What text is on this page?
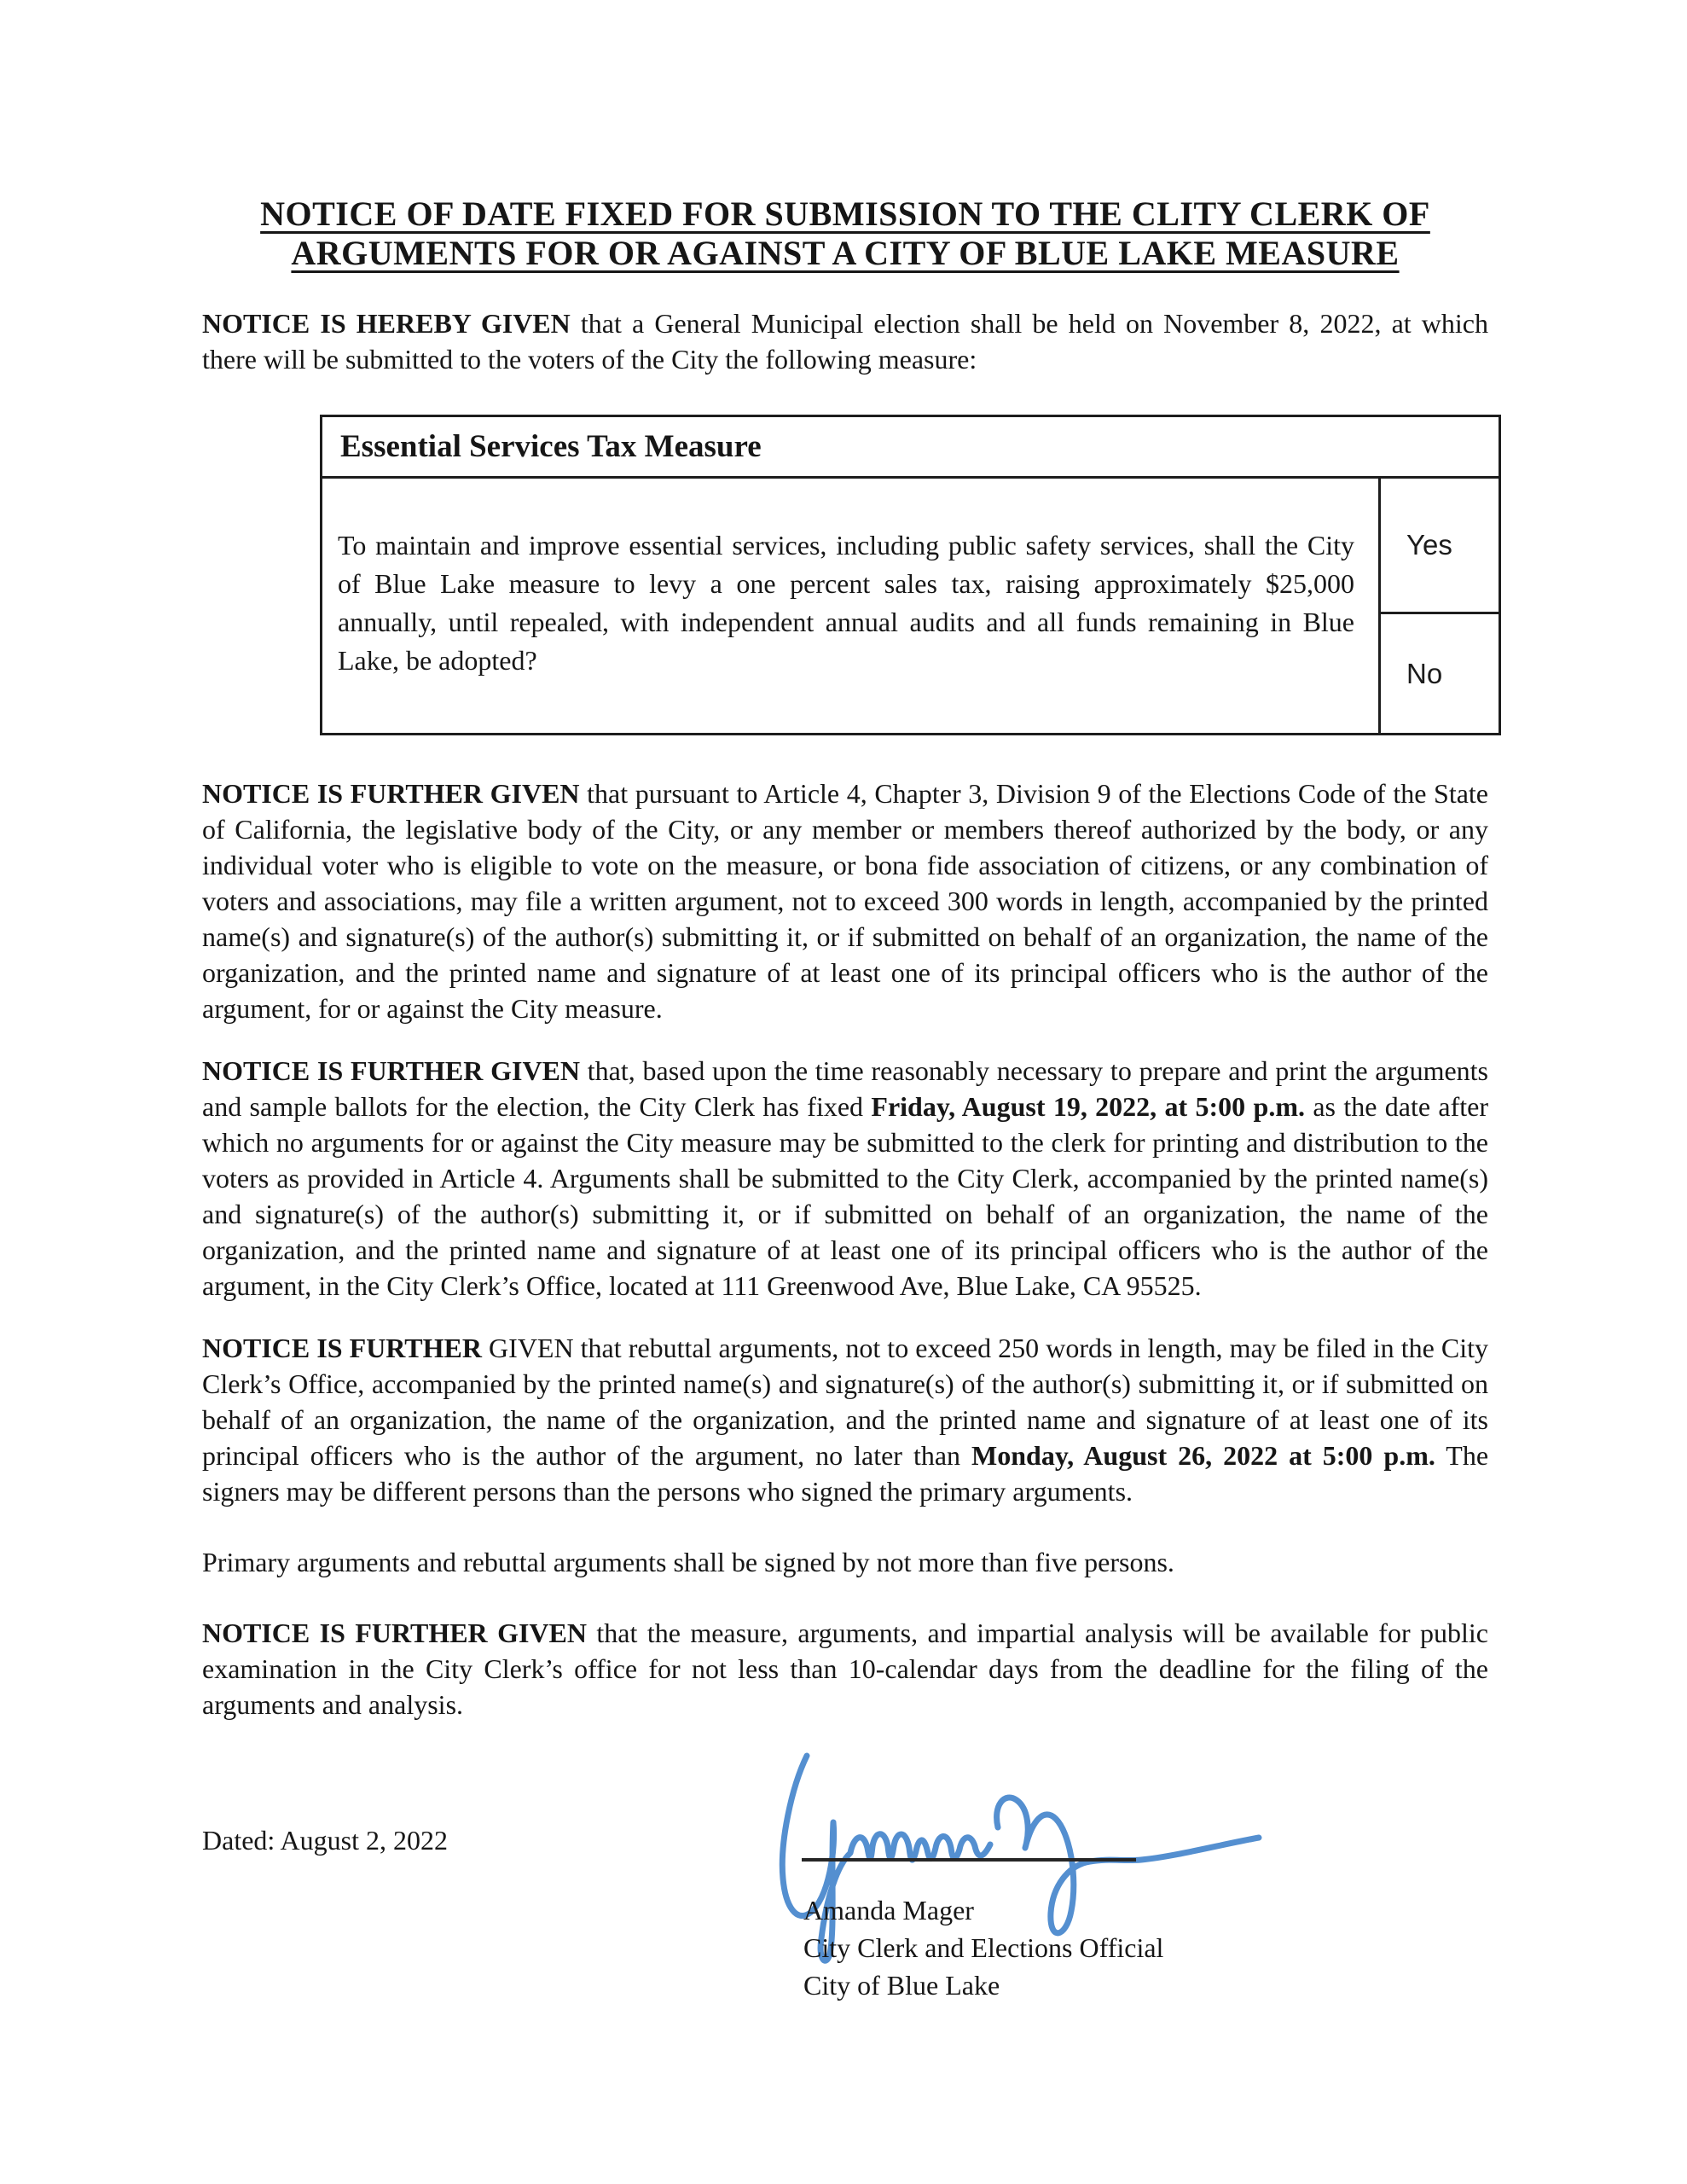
NOTICE OF DATE FIXED FOR SUBMISSION TO THE CLITY CLERK OF
ARGUMENTS FOR OR AGAINST A CITY OF BLUE LAKE MEASURE

NOTICE IS HEREBY GIVEN that a General Municipal election shall be held on November 8, 2022, at which there will be submitted to the voters of the City the following measure:

Essential Services Tax Measure
To maintain and improve essential services, including public safety services, shall the City of Blue Lake measure to levy a one percent sales tax, raising approximately $25,000 annually, until repealed, with independent annual audits and all funds remaining in Blue Lake, be adopted?
Yes
No

NOTICE IS FURTHER GIVEN that pursuant to Article 4, Chapter 3, Division 9 of the Elections Code of the State of California, the legislative body of the City, or any member or members thereof authorized by the body, or any individual voter who is eligible to vote on the measure, or bona fide association of citizens, or any combination of voters and associations, may file a written argument, not to exceed 300 words in length, accompanied by the printed name(s) and signature(s) of the author(s) submitting it, or if submitted on behalf of an organization, the name of the organization, and the printed name and signature of at least one of its principal officers who is the author of the argument, for or against the City measure.

NOTICE IS FURTHER GIVEN that, based upon the time reasonably necessary to prepare and print the arguments and sample ballots for the election, the City Clerk has fixed Friday, August 19, 2022, at 5:00 p.m. as the date after which no arguments for or against the City measure may be submitted to the clerk for printing and distribution to the voters as provided in Article 4. Arguments shall be submitted to the City Clerk, accompanied by the printed name(s) and signature(s) of the author(s) submitting it, or if submitted on behalf of an organization, the name of the organization, and the printed name and signature of at least one of its principal officers who is the author of the argument, in the City Clerk’s Office, located at 111 Greenwood Ave, Blue Lake, CA 95525.

NOTICE IS FURTHER GIVEN that rebuttal arguments, not to exceed 250 words in length, may be filed in the City Clerk’s Office, accompanied by the printed name(s) and signature(s) of the author(s) submitting it, or if submitted on behalf of an organization, the name of the organization, and the printed name and signature of at least one of its principal officers who is the author of the argument, no later than Monday, August 26, 2022 at 5:00 p.m. The signers may be different persons than the persons who signed the primary arguments.

Primary arguments and rebuttal arguments shall be signed by not more than five persons.

NOTICE IS FURTHER GIVEN that the measure, arguments, and impartial analysis will be available for public examination in the City Clerk’s office for not less than 10-calendar days from the deadline for the filing of the arguments and analysis.

Dated: August 2, 2022
Amanda Mager
City Clerk and Elections Official
City of Blue Lake
